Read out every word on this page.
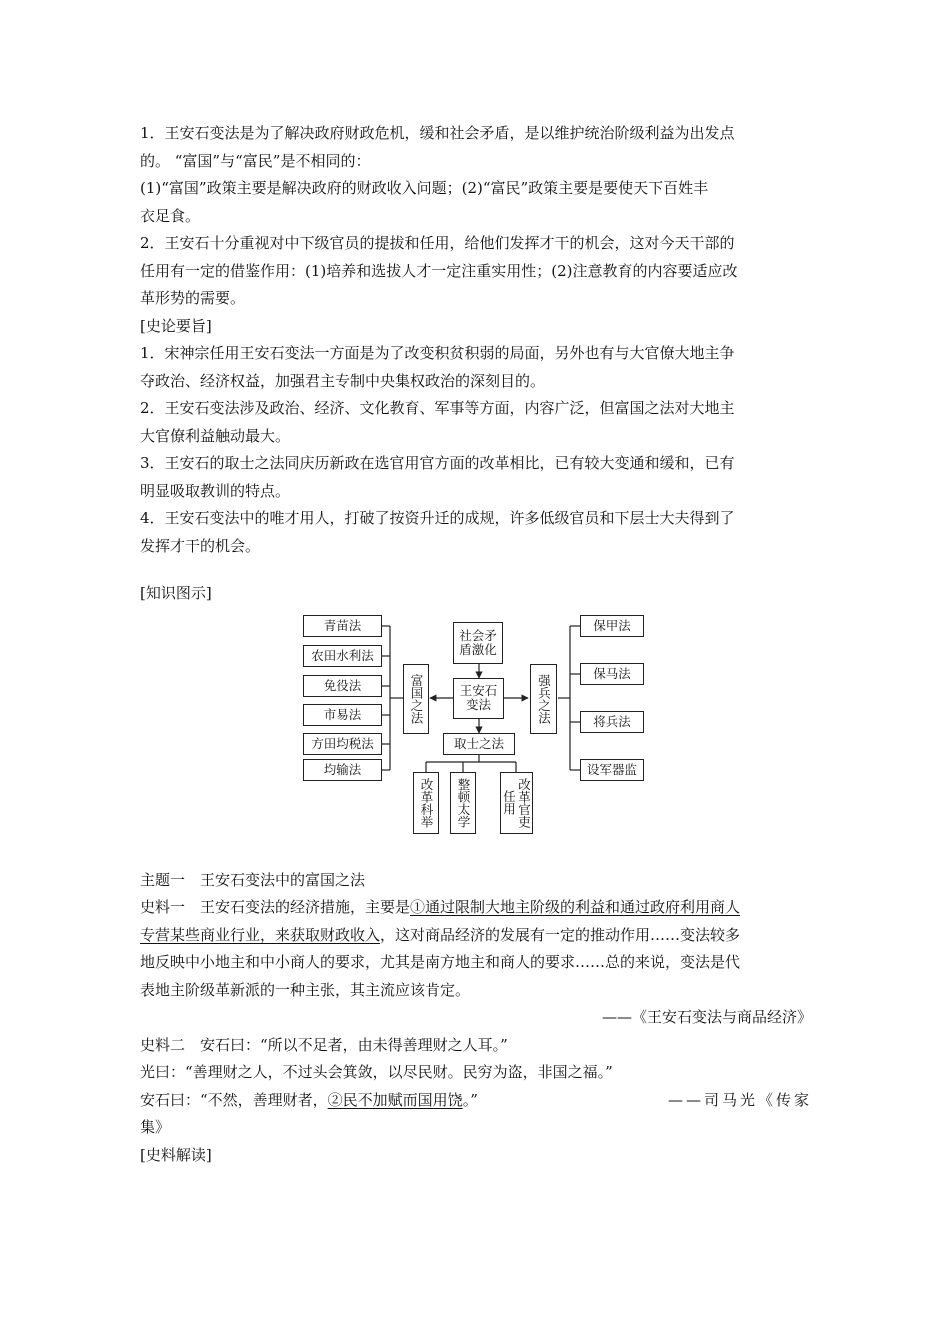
1．王安石变法是为了解决政府财政危机，缓和社会矛盾，是以维护统治阶级利益为出发点

的。 “富国”与“富民”是不相同的：

(1)“富国”政策主要是解决政府的财政收入问题；(2)“富民”政策主要是要使天下百姓丰

衣足食。

2．王安石十分重视对中下级官员的提拔和任用，给他们发挥才干的机会，这对今天干部的

任用有一定的借鉴作用：(1)培养和选拔人才一定注重实用性；(2)注意教育的内容要适应改

革形势的需要。

[史论要旨]

1．宋神宗任用王安石变法一方面是为了改变积贫积弱的局面，另外也有与大官僚大地主争

夺政治、经济权益，加强君主专制中央集权政治的深刻目的。

2．王安石变法涉及政治、经济、文化教育、军事等方面，内容广泛，但富国之法对大地主

大官僚利益触动最大。

3．王安石的取士之法同庆历新政在选官用官方面的改革相比，已有较大变通和缓和，已有

明显吸取教训的特点。

4．王安石变法中的唯才用人，打破了按资升迁的成规，许多低级官员和下层士大夫得到了

发挥才干的机会。

[知识图示]

青苗法
农田水利法
免役法
市易法
方田均税法
均输法
富国之法
社会矛盾激化
王安石变法	强兵之法
保甲法
保马法
将兵法
设军器监
取士之法
改革科举	整顿太学	改革官吏任用

主题一　王安石变法中的富国之法

史料一　王安石变法的经济措施，主要是①通过限制大地主阶级的利益和通过政府利用商人

专营某些商业行业，来获取财政收入，这对商品经济的发展有一定的推动作用……变法较多

地反映中小地主和中小商人的要求，尤其是南方地主和商人的要求……总的来说，变法是代

表地主阶级革新派的一种主张，其主流应该肯定。

——《王安石变法与商品经济》

史料二　安石曰：“所以不足者，由未得善理财之人耳。”

光曰：“善理财之人，不过头会箕敛，以尽民财。民穷为盗，非国之福。”

安石曰：“不然，善理财者，②民不加赋而国用饶。”	——司马光《传家

集》

[史料解读]
